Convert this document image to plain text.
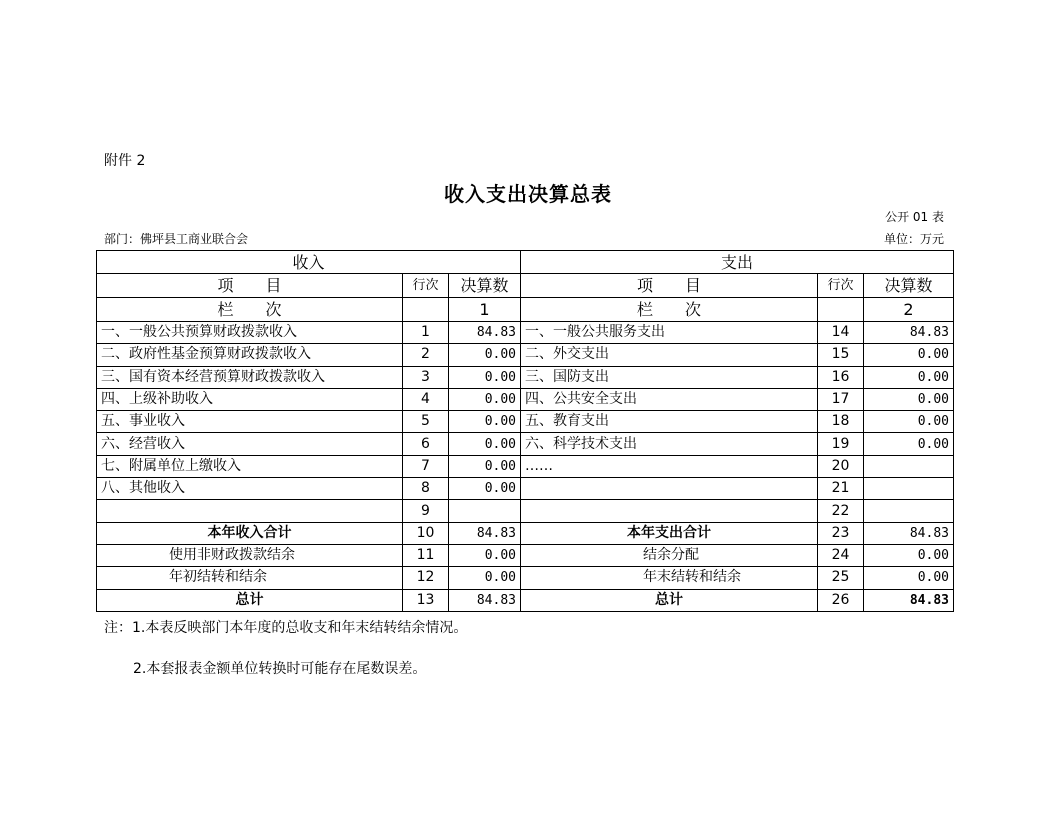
附件 2
收入支出决算总表
公开 01 表
部门：佛坪县工商业联合会	单位：万元
收入			支出		
项　　目	行次	决算数	项　　目	行次	决算数
栏　　次		1	栏　　次		2
一、一般公共预算财政拨款收入	1	84.83	一、一般公共服务支出	14	84.83
二、政府性基金预算财政拨款收入	2	0.00	二、外交支出	15	0.00
三、国有资本经营预算财政拨款收入	3	0.00	三、国防支出	16	0.00
四、上级补助收入	4	0.00	四、公共安全支出	17	0.00
五、事业收入	5	0.00	五、教育支出	18	0.00
六、经营收入	6	0.00	六、科学技术支出	19	0.00
七、附属单位上缴收入	7	0.00	……	20	
八、其他收入	8	0.00		21	
	9			22	
本年收入合计	10	84.83	本年支出合计	23	84.83
使用非财政拨款结余	11	0.00	结余分配	24	0.00
年初结转和结余	12	0.00	年末结转和结余	25	0.00
总计	13	84.83	总计	26	84.83
注：1.本表反映部门本年度的总收支和年末结转结余情况。
2.本套报表金额单位转换时可能存在尾数误差。
